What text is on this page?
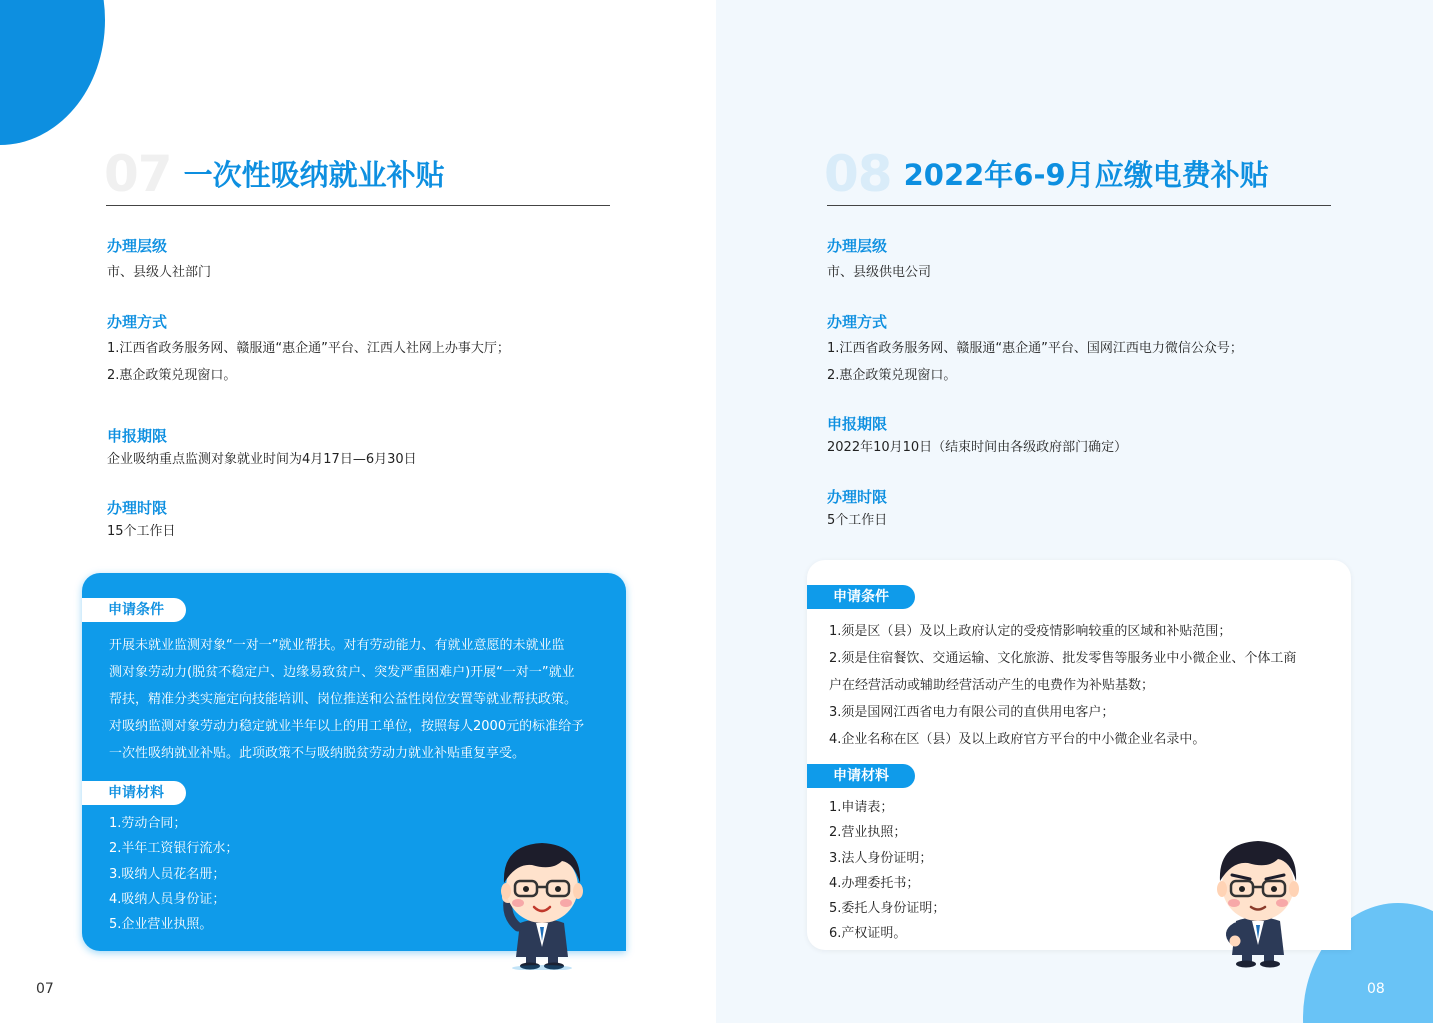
07 一次性吸纳就业补贴
办理层级
市、县级人社部门
办理方式
1.江西省政务服务网、赣服通“惠企通”平台、江西人社网上办事大厅；
2.惠企政策兑现窗口。
申报期限
企业吸纳重点监测对象就业时间为4月17日—6月30日
办理时限
15个工作日
申请条件
开展未就业监测对象“一对一”就业帮扶。对有劳动能力、有就业意愿的未就业监
测对象劳动力(脱贫不稳定户、边缘易致贫户、突发严重困难户)开展“一对一”就业
帮扶，精准分类实施定向技能培训、岗位推送和公益性岗位安置等就业帮扶政策。
对吸纳监测对象劳动力稳定就业半年以上的用工单位，按照每人2000元的标准给予
一次性吸纳就业补贴。此项政策不与吸纳脱贫劳动力就业补贴重复享受。
申请材料
1.劳动合同；
2.半年工资银行流水；
3.吸纳人员花名册；
4.吸纳人员身份证；
5.企业营业执照。
07	08
08 2022年6-9月应缴电费补贴
办理层级
市、县级供电公司
办理方式
1.江西省政务服务网、赣服通“惠企通”平台、国网江西电力微信公众号；
2.惠企政策兑现窗口。
申报期限
2022年10月10日（结束时间由各级政府部门确定）
办理时限
5个工作日
申请条件
1.须是区（县）及以上政府认定的受疫情影响较重的区域和补贴范围；
2.须是住宿餐饮、交通运输、文化旅游、批发零售等服务业中小微企业、个体工商
户在经营活动或辅助经营活动产生的电费作为补贴基数；
3.须是国网江西省电力有限公司的直供用电客户；
4.企业名称在区（县）及以上政府官方平台的中小微企业名录中。
申请材料
1.申请表；
2.营业执照；
3.法人身份证明；
4.办理委托书；
5.委托人身份证明；
6.产权证明。
